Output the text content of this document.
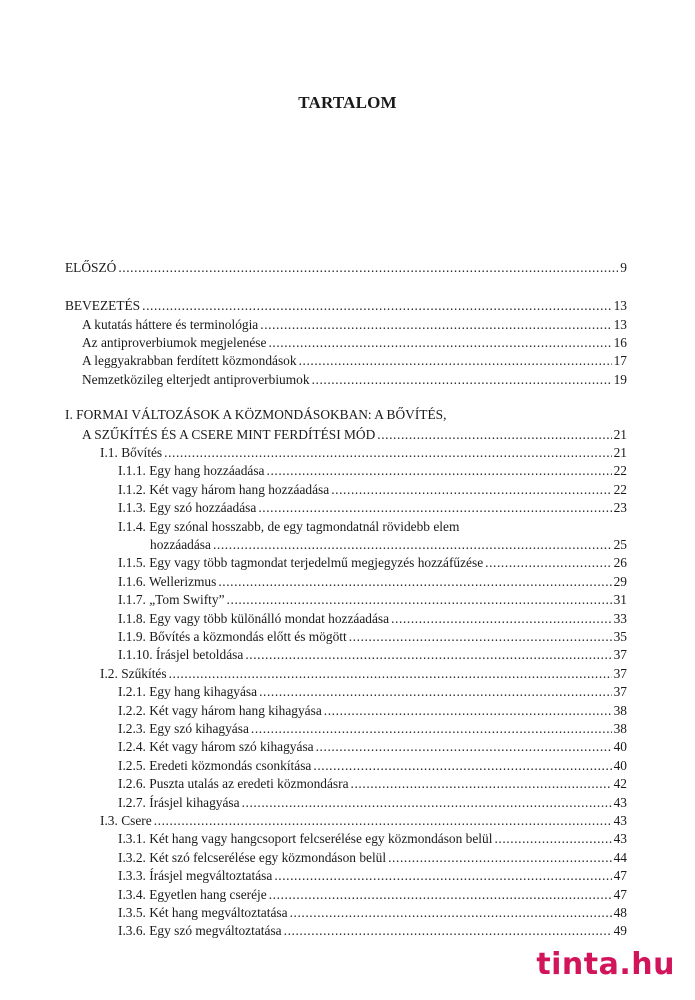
TARTALOM
ELŐSZÓ .....	9
BEVEZETÉS .....	13
A kutatás háttere és terminológia .....	13
Az antiproverbiumok megjelenése .....	16
A leggyakrabban ferdített közmondások .....	17
Nemzetközileg elterjedt antiproverbiumok .....	19
I. FORMAI VÁLTOZÁSOK A KÖZMONDÁSOKBAN: A BŐVÍTÉS,
A SZŰKÍTÉS ÉS A CSERE MINT FERDÍTÉSI MÓD .....	21
I.1. Bővítés .....	21
I.1.1. Egy hang hozzáadása .....	22
I.1.2. Két vagy három hang hozzáadása .....	22
I.1.3. Egy szó hozzáadása .....	23
I.1.4. Egy szónal hosszabb, de egy tagmondatnál rövidebb elem
hozzáadása .....	25
I.1.5. Egy vagy több tagmondat terjedelmű megjegyzés hozzáfűzése .....	26
I.1.6. Wellerizmus .....	29
I.1.7. „Tom Swifty” .....	31
I.1.8. Egy vagy több különálló mondat hozzáadása .....	33
I.1.9. Bővítés a közmondás előtt és mögött .....	35
I.1.10. Írásjel betoldása .....	37
I.2. Szűkítés .....	37
I.2.1. Egy hang kihagyása .....	37
I.2.2. Két vagy három hang kihagyása .....	38
I.2.3. Egy szó kihagyása .....	38
I.2.4. Két vagy három szó kihagyása .....	40
I.2.5. Eredeti közmondás csonkítása .....	40
I.2.6. Puszta utalás az eredeti közmondásra .....	42
I.2.7. Írásjel kihagyása .....	43
I.3. Csere .....	43
I.3.1. Két hang vagy hangcsoport felcserélése egy közmondáson belül .....	43
I.3.2. Két szó felcserélése egy közmondáson belül .....	44
I.3.3. Írásjel megváltoztatása .....	47
I.3.4. Egyetlen hang cseréje .....	47
I.3.5. Két hang megváltoztatása .....	48
I.3.6. Egy szó megváltoztatása .....	49
tinta.hu
